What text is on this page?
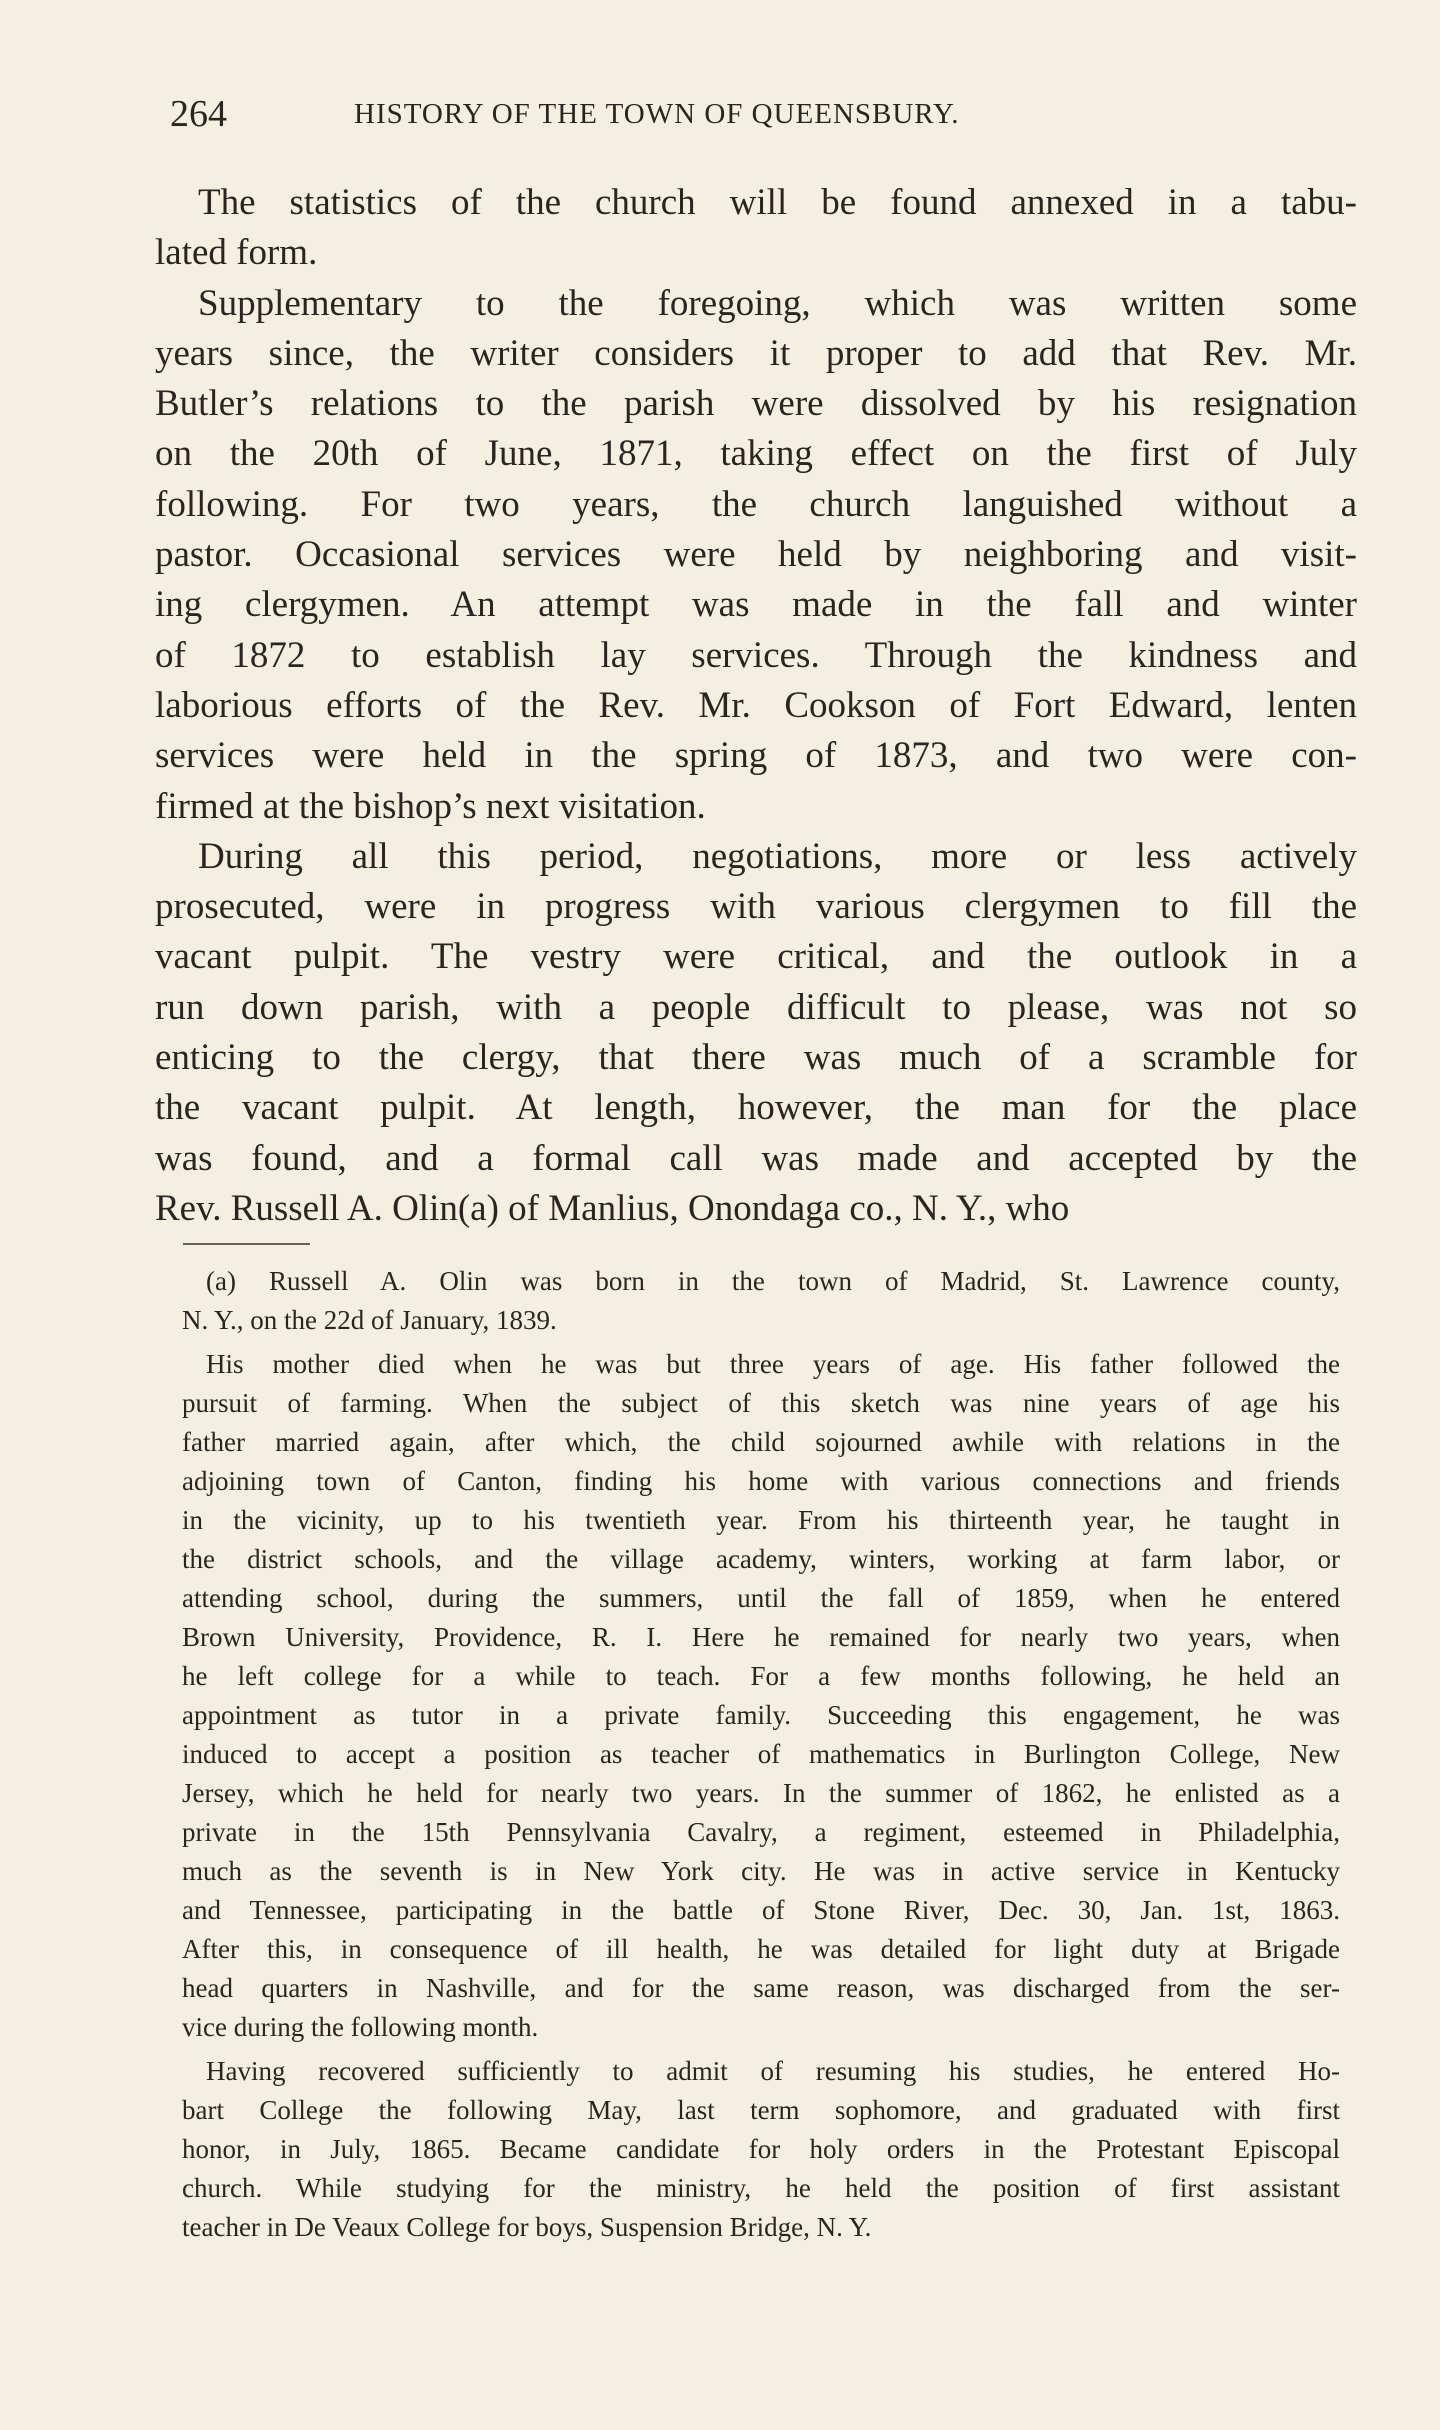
264	HISTORY OF THE TOWN OF QUEENSBURY.
The statistics of the church will be found annexed in a tabu-
lated form.
Supplementary to the foregoing, which was written some
years since, the writer considers it proper to add that Rev. Mr.
Butler’s relations to the parish were dissolved by his resignation
on the 20th of June, 1871, taking effect on the first of July
following. For two years, the church languished without a
pastor. Occasional services were held by neighboring and visit-
ing clergymen. An attempt was made in the fall and winter
of 1872 to establish lay services. Through the kindness and
laborious efforts of the Rev. Mr. Cookson of Fort Edward, lenten
services were held in the spring of 1873, and two were con-
firmed at the bishop’s next visitation.
During all this period, negotiations, more or less actively
prosecuted, were in progress with various clergymen to fill the
vacant pulpit. The vestry were critical, and the outlook in a
run down parish, with a people difficult to please, was not so
enticing to the clergy, that there was much of a scramble for
the vacant pulpit. At length, however, the man for the place
was found, and a formal call was made and accepted by the
Rev. Russell A. Olin(a) of Manlius, Onondaga co., N. Y., who
(a) Russell A. Olin was born in the town of Madrid, St. Lawrence county,
N. Y., on the 22d of January, 1839.
His mother died when he was but three years of age. His father followed the
pursuit of farming. When the subject of this sketch was nine years of age his
father married again, after which, the child sojourned awhile with relations in the
adjoining town of Canton, finding his home with various connections and friends
in the vicinity, up to his twentieth year. From his thirteenth year, he taught in
the district schools, and the village academy, winters, working at farm labor, or
attending school, during the summers, until the fall of 1859, when he entered
Brown University, Providence, R. I. Here he remained for nearly two years, when
he left college for a while to teach. For a few months following, he held an
appointment as tutor in a private family. Succeeding this engagement, he was
induced to accept a position as teacher of mathematics in Burlington College, New
Jersey, which he held for nearly two years. In the summer of 1862, he enlisted as a
private in the 15th Pennsylvania Cavalry, a regiment, esteemed in Philadelphia,
much as the seventh is in New York city. He was in active service in Kentucky
and Tennessee, participating in the battle of Stone River, Dec. 30, Jan. 1st, 1863.
After this, in consequence of ill health, he was detailed for light duty at Brigade
head quarters in Nashville, and for the same reason, was discharged from the ser-
vice during the following month.
Having recovered sufficiently to admit of resuming his studies, he entered Ho-
bart College the following May, last term sophomore, and graduated with first
honor, in July, 1865. Became candidate for holy orders in the Protestant Episcopal
church. While studying for the ministry, he held the position of first assistant
teacher in De Veaux College for boys, Suspension Bridge, N. Y.
